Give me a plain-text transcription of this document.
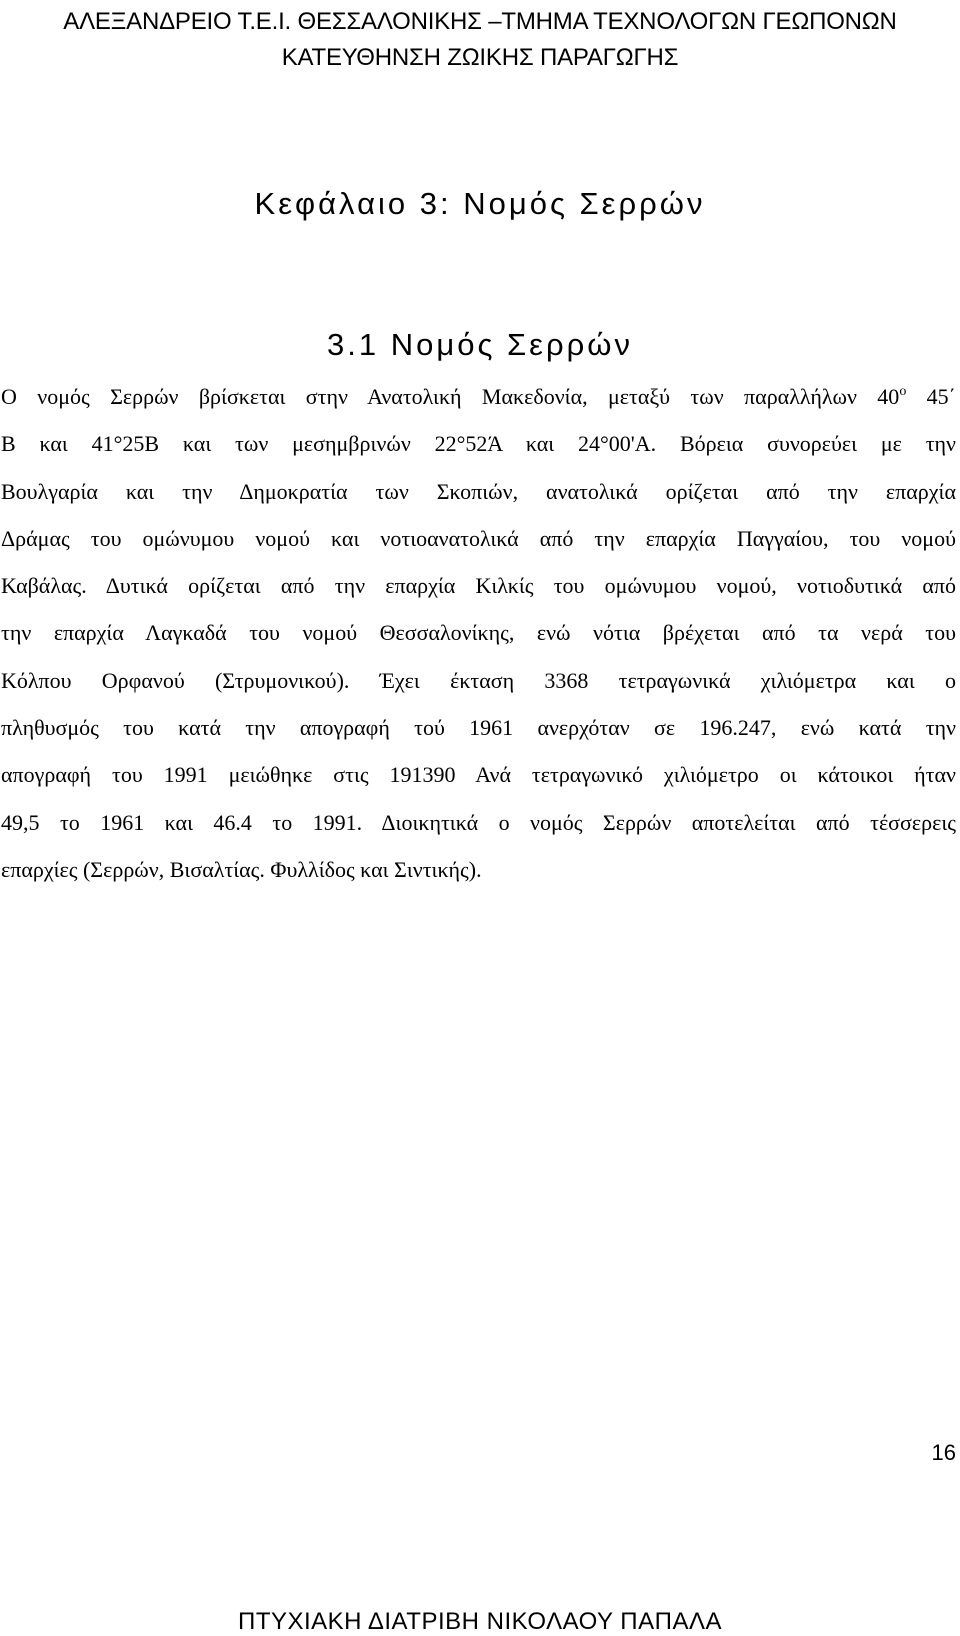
ΑΛΕΞΑΝΔΡΕΙΟ Τ.Ε.Ι. ΘΕΣΣΑΛΟΝΙΚΗΣ –ΤΜΗΜΑ ΤΕΧΝΟΛΟΓΩΝ ΓΕΩΠΟΝΩΝ
ΚΑΤΕΥΘΗΝΣΗ ΖΩΙΚΗΣ ΠΑΡΑΓΩΓΗΣ
Κεφάλαιο 3: Νομός Σερρών
3.1 Νομός Σερρών
Ο νομός Σερρών βρίσκεται στην Ανατολική Μακεδονία, μεταξύ των παραλλήλων $40^o$ 45΄
Β και 41°25Β και των μεσημβρινών 22°52Ά και 24°00'Α. Βόρεια συνορεύει με την
Βουλγαρία και την Δημοκρατία των Σκοπιών, ανατολικά ορίζεται από την επαρχία
Δράμας του ομώνυμου νομού και νοτιοανατολικά από την επαρχία Παγγαίου, του νομού
Καβάλας. Δυτικά ορίζεται από την επαρχία Κιλκίς του ομώνυμου νομού, νοτιοδυτικά από
την επαρχία Λαγκαδά του νομού Θεσσαλονίκης, ενώ νότια βρέχεται από τα νερά του
Κόλπου Ορφανού (Στρυμονικού). Έχει έκταση 3368 τετραγωνικά χιλιόμετρα και ο
πληθυσμός του κατά την απογραφή τού 1961 ανερχόταν σε 196.247, ενώ κατά την
απογραφή του 1991 μειώθηκε στις 191390 Ανά τετραγωνικό χιλιόμετρο οι κάτοικοι ήταν
49,5 το 1961 και 46.4 το 1991. Διοικητικά ο νομός Σερρών αποτελείται από τέσσερεις
επαρχίες (Σερρών, Βισαλτίας. Φυλλίδος και Σιντικής).
16
ΠΤΥΧΙΑΚΗ ΔΙΑΤΡΙΒΗ ΝΙΚΟΛΑΟΥ ΠΑΠΑΛΑ
